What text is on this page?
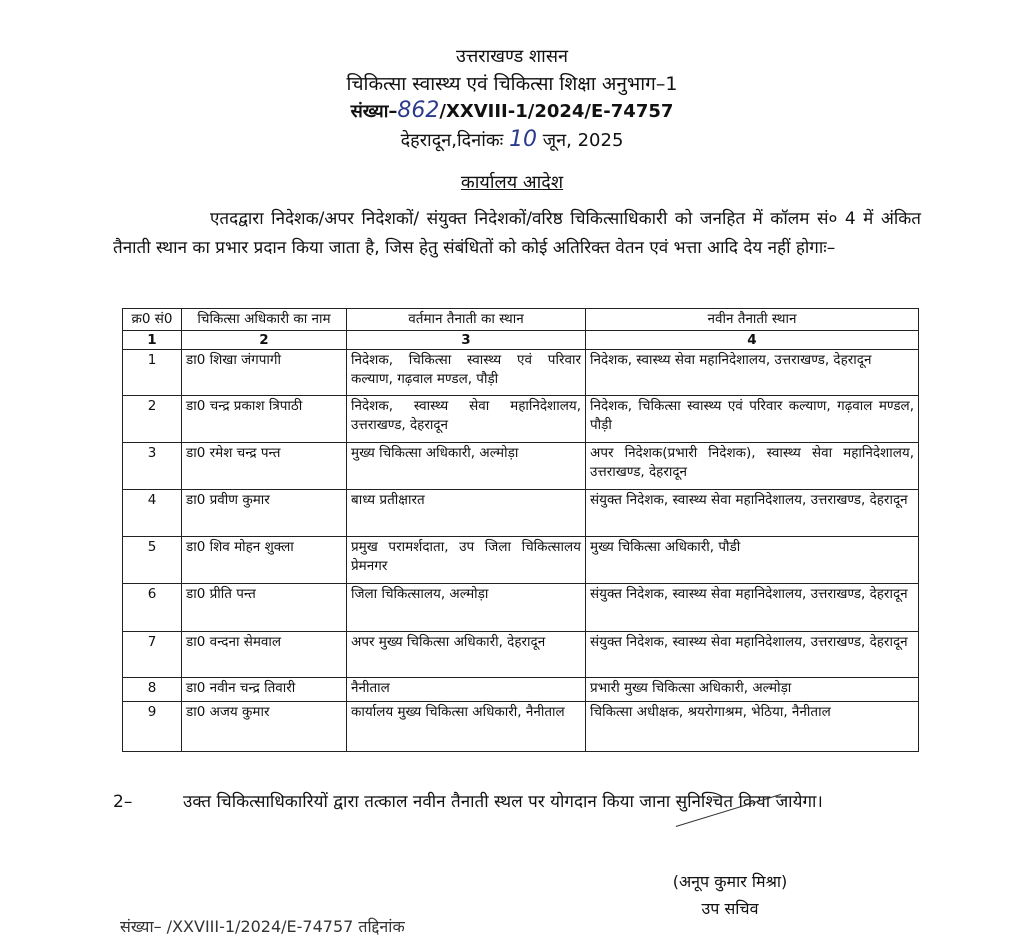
उत्तराखण्ड शासन
चिकित्सा स्वास्थ्य एवं चिकित्सा शिक्षा अनुभाग–1
संख्या–862/XXVIII-1/2024/E-74757
देहरादून,दिनांकः 10 जून, 2025
कार्यालय आदेश
एतदद्वारा निदेशक/अपर निदेशकों/ संयुक्त निदेशकों/वरिष्ठ चिकित्साधिकारी को जनहित में कॉलम सं० 4 में अंकित तैनाती स्थान का प्रभार प्रदान किया जाता है, जिस हेतु संबंधितों को कोई अतिरिक्त वेतन एवं भत्ता आदि देय नहीं होगाः–
क्र0 सं0	चिकित्सा अधिकारी का नाम	वर्तमान तैनाती का स्थान	नवीन तैनाती स्थान
1	2	3	4
1	डा0 शिखा जंगपागी	निदेशक, चिकित्सा स्वास्थ्य एवं परिवार कल्याण, गढ़वाल मण्डल, पौड़ी	निदेशक, स्वास्थ्य सेवा महानिदेशालय, उत्तराखण्ड, देहरादून
2	डा0 चन्द्र प्रकाश त्रिपाठी	निदेशक, स्वास्थ्य सेवा महानिदेशालय, उत्तराखण्ड, देहरादून	निदेशक, चिकित्सा स्वास्थ्य एवं परिवार कल्याण, गढ़वाल मण्डल, पौड़ी
3	डा0 रमेश चन्द्र पन्त	मुख्य चिकित्सा अधिकारी, अल्मोड़ा	अपर निदेशक(प्रभारी निदेशक), स्वास्थ्य सेवा महानिदेशालय, उत्तराखण्ड, देहरादून
4	डा0 प्रवीण कुमार	बाध्य प्रतीक्षारत	संयुक्त निदेशक, स्वास्थ्य सेवा महानिदेशालय, उत्तराखण्ड, देहरादून
5	डा0 शिव मोहन शुक्ला	प्रमुख परामर्शदाता, उप जिला चिकित्सालय प्रेमनगर	मुख्य चिकित्सा अधिकारी, पौडी
6	डा0 प्रीति पन्त	जिला चिकित्सालय, अल्मोड़ा	संयुक्त निदेशक, स्वास्थ्य सेवा महानिदेशालय, उत्तराखण्ड, देहरादून
7	डा0 वन्दना सेमवाल	अपर मुख्य चिकित्सा अधिकारी, देहरादून	संयुक्त निदेशक, स्वास्थ्य सेवा महानिदेशालय, उत्तराखण्ड, देहरादून
8	डा0 नवीन चन्द्र तिवारी	नैनीताल	प्रभारी मुख्य चिकित्सा अधिकारी, अल्मोड़ा
9	डा0 अजय कुमार	कार्यालय मुख्य चिकित्सा अधिकारी, नैनीताल	चिकित्सा अधीक्षक, श्रयरोगाश्रम, भेठिया, नैनीताल
2–	उक्त चिकित्साधिकारियों द्वारा तत्काल नवीन तैनाती स्थल पर योगदान किया जाना सुनिश्चित किया जायेगा।
(अनूप कुमार मिश्रा)
उप सचिव
संख्या– /XXVIII-1/2024/E-74757 तद्दिनांक
